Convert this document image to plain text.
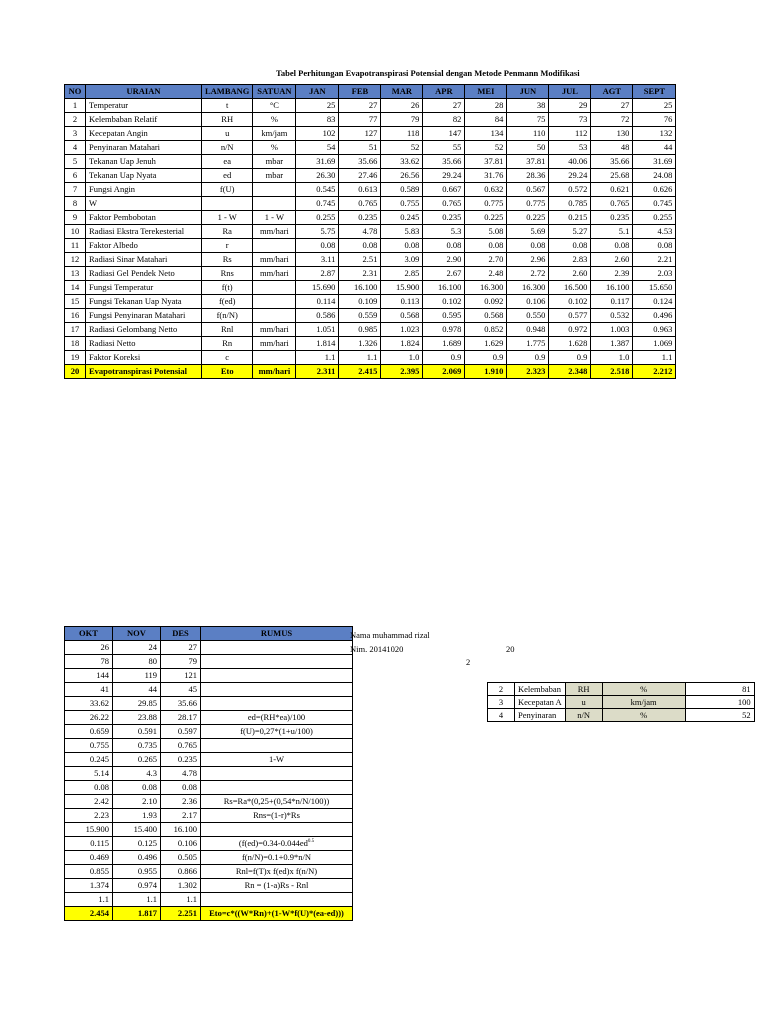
Tabel Perhitungan Evapotranspirasi Potensial dengan Metode Penmann Modifikasi
NO	URAIAN	LAMBANG	SATUAN	JAN	FEB	MAR	APR	MEI	JUN	JUL	AGT	SEPT
1	Temperatur	t	°C	25	27	26	27	28	38	29	27	25
2	Kelembaban Relatif	RH	%	83	77	79	82	84	75	73	72	76
3	Kecepatan Angin	u	km/jam	102	127	118	147	134	110	112	130	132
4	Penyinaran Matahari	n/N	%	54	51	52	55	52	50	53	48	44
5	Tekanan Uap Jenuh	ea	mbar	31.69	35.66	33.62	35.66	37.81	37.81	40.06	35.66	31.69
6	Tekanan Uap Nyata	ed	mbar	26.30	27.46	26.56	29.24	31.76	28.36	29.24	25.68	24.08
7	Fungsi Angin	f(U)		0.545	0.613	0.589	0.667	0.632	0.567	0.572	0.621	0.626
8	W			0.745	0.765	0.755	0.765	0.775	0.775	0.785	0.765	0.745
9	Faktor Pembobotan	1 - W	1 - W	0.255	0.235	0.245	0.235	0.225	0.225	0.215	0.235	0.255
10	Radiasi Ekstra Terekesterial	Ra	mm/hari	5.75	4.78	5.83	5.3	5.08	5.69	5.27	5.1	4.53
11	Faktor Albedo	r		0.08	0.08	0.08	0.08	0.08	0.08	0.08	0.08	0.08
12	Radiasi Sinar Matahari	Rs	mm/hari	3.11	2.51	3.09	2.90	2.70	2.96	2.83	2.60	2.21
13	Radiasi Gel Pendek Neto	Rns	mm/hari	2.87	2.31	2.85	2.67	2.48	2.72	2.60	2.39	2.03
14	Fungsi Temperatur	f(t)		15.690	16.100	15.900	16.100	16.300	16.300	16.500	16.100	15.650
15	Fungsi Tekanan Uap Nyata	f(ed)		0.114	0.109	0.113	0.102	0.092	0.106	0.102	0.117	0.124
16	Fungsi Penyinaran Matahari	f(n/N)		0.586	0.559	0.568	0.595	0.568	0.550	0.577	0.532	0.496
17	Radiasi Gelombang Netto	Rnl	mm/hari	1.051	0.985	1.023	0.978	0.852	0.948	0.972	1.003	0.963
18	Radiasi Netto	Rn	mm/hari	1.814	1.326	1.824	1.689	1.629	1.775	1.628	1.387	1.069
19	Faktor Koreksi	c		1.1	1.1	1.0	0.9	0.9	0.9	0.9	1.0	1.1
20	Evapotranspirasi Potensial	Eto	mm/hari	2.311	2.415	2.395	2.069	1.910	2.323	2.348	2.518	2.212
OKT	NOV	DES	RUMUS
26	24	27	
78	80	79	
144	119	121	
41	44	45	
33.62	29.85	35.66	
26.22	23.88	28.17	ed=(RH*ea)/100
0.659	0.591	0.597	f(U)=0,27*(1+u/100)
0.755	0.735	0.765	
0.245	0.265	0.235	1-W
5.14	4.3	4.78	
0.08	0.08	0.08	
2.42	2.10	2.36	Rs=Ra*(0,25+(0,54*n/N/100))
2.23	1.93	2.17	Rns=(1-r)*Rs
15.900	15.400	16.100	
0.115	0.125	0.106	($f(ed)=0.34-0.044ed^{0.5}$
0.469	0.496	0.505	f(n/N)=0.1+0.9*n/N
0.855	0.955	0.866	Rnl=f(T)x f(ed)x f(n/N)
1.374	0.974	1.302	Rn = (1-a)Rs - Rnl
1.1	1.1	1.1	
2.454	1.817	2.251	Eto=c*((W*Rn)+(1-W*f(U)*(ea-ed)))
Nama muhammad rizal
Nim. 20141020	20
2
2	Kelembaban	RH	%	81
3	Kecepatan A	u	km/jam	100
4	Penyinaran	n/N	%	52
